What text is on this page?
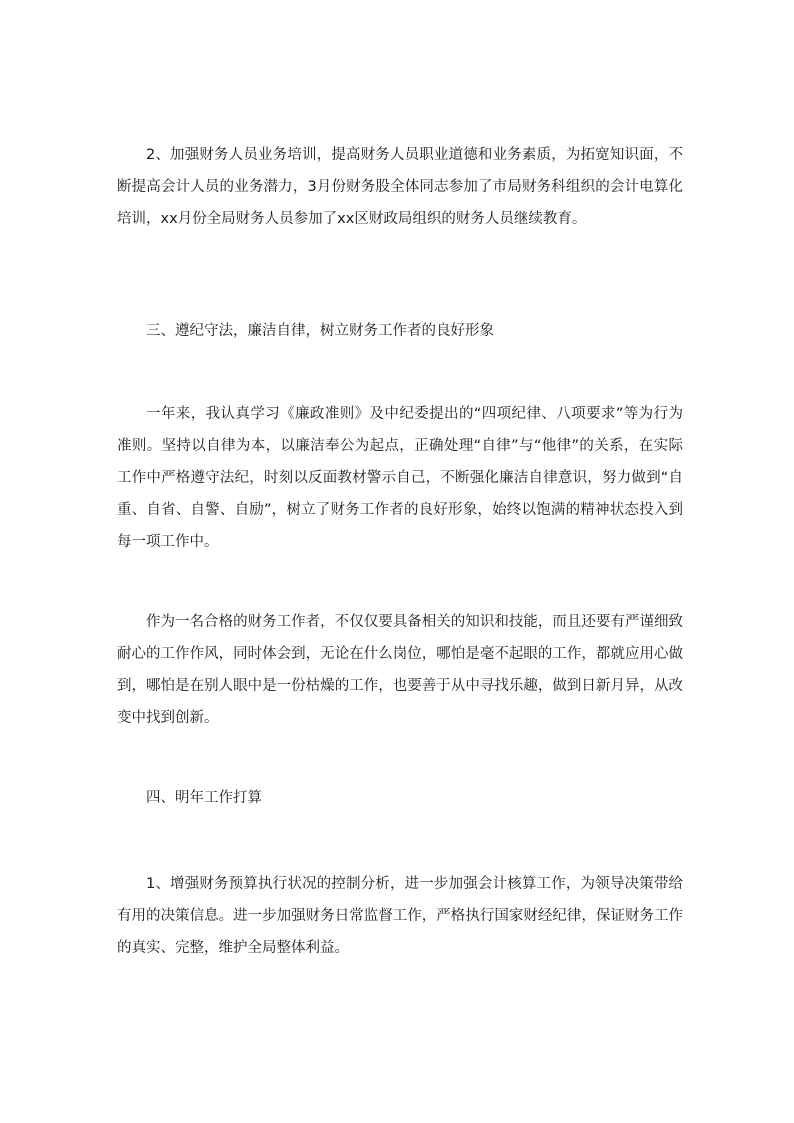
2、加强财务人员业务培训，提高财务人员职业道德和业务素质，为拓宽知识面，不断提高会计人员的业务潜力，3月份财务股全体同志参加了市局财务科组织的会计电算化培训，xx月份全局财务人员参加了xx区财政局组织的财务人员继续教育。

三、遵纪守法，廉洁自律，树立财务工作者的良好形象

一年来，我认真学习《廉政准则》及中纪委提出的“四项纪律、八项要求”等为行为准则。坚持以自律为本，以廉洁奉公为起点，正确处理“自律”与“他律”的关系，在实际工作中严格遵守法纪，时刻以反面教材警示自己，不断强化廉洁自律意识，努力做到“自重、自省、自警、自励”，树立了财务工作者的良好形象，始终以饱满的精神状态投入到每一项工作中。

作为一名合格的财务工作者，不仅仅要具备相关的知识和技能，而且还要有严谨细致耐心的工作作风，同时体会到，无论在什么岗位，哪怕是毫不起眼的工作，都就应用心做到，哪怕是在别人眼中是一份枯燥的工作，也要善于从中寻找乐趣，做到日新月异，从改变中找到创新。

四、明年工作打算

1、增强财务预算执行状况的控制分析，进一步加强会计核算工作，为领导决策带给有用的决策信息。进一步加强财务日常监督工作，严格执行国家财经纪律，保证财务工作的真实、完整，维护全局整体利益。
